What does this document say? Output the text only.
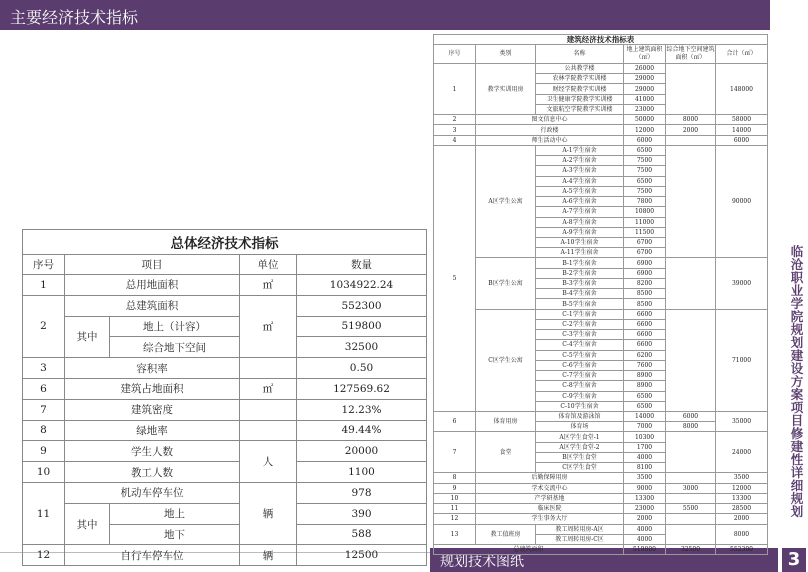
主要经济技术指标
临沧职业学院规划建设方案项目修建性详细规划
3
规划技术图纸
总体经济技术指标				
序号	项目		单位	数量
1	总用地面积		㎡	1034922.24
2	总建筑面积		㎡	552300
	其中	地上（计容）		519800
		综合地下空间		32500
3	容积率			0.50
6	建筑占地面积		㎡	127569.62
7	建筑密度			12.23%
8	绿地率			49.44%
9	学生人数		人	20000
10	教工人数			1100
11	机动车停车位		辆	978
	其中	地上		390
		地下		588
12	自行车停车位		辆	12500
建筑经济技术指标表					
序号	类别	名称	地上建筑面积（㎡）	综合地下空间建筑面积（㎡）	合计（㎡）
1	教学实训用房	公共教学楼	26000		148000
		农林学院教学实训楼	29000		
		财经学院教学实训楼	29000		
		卫生健康学院教学实训楼	41000		
		文旅航空学院教学实训楼	23000		
2	图文信息中心		50000	8000	58000
3	行政楼		12000	2000	14000
4	师生活动中心		6000		6000
5	A区学生公寓	A-1学生宿舍	6500		90000
		A-2学生宿舍	7500		
		A-3学生宿舍	7500		
		A-4学生宿舍	6500		
		A-5学生宿舍	7500		
		A-6学生宿舍	7800		
		A-7学生宿舍	10800		
		A-8学生宿舍	11000		
		A-9学生宿舍	11500		
		A-10学生宿舍	6700		
		A-11学生宿舍	6700		
	B区学生公寓	B-1学生宿舍	6900		39000
		B-2学生宿舍	6900		
		B-3学生宿舍	8200		
		B-4学生宿舍	8500		
		B-5学生宿舍	8500		
	C区学生公寓	C-1学生宿舍	6600		71000
		C-2学生宿舍	6600		
		C-3学生宿舍	6600		
		C-4学生宿舍	6600		
		C-5学生宿舍	6200		
		C-6学生宿舍	7600		
		C-7学生宿舍	8900		
		C-8学生宿舍	8900		
		C-9学生宿舍	6500		
		C-10学生宿舍	6500		
6	体育用房	体育馆及游泳馆	14000	6000	35000
		体育场	7000	8000	
7	食堂	A区学生食堂-1	10300		24000
		A区学生食堂-2	1700		
		B区学生食堂	4000		
		C区学生食堂	8100		
8	后勤保障用房		3500		3500
9	学术交流中心		9000	3000	12000
10	产学研基地		13300		13300
11	临床医院		23000	5500	28500
12	学生事务大厅		2000		2000
13	教工值班房	教工周转用房-A区	4000		8000
		教工周转用房-C区	4000		
总建筑面积			519800	32500	552300
